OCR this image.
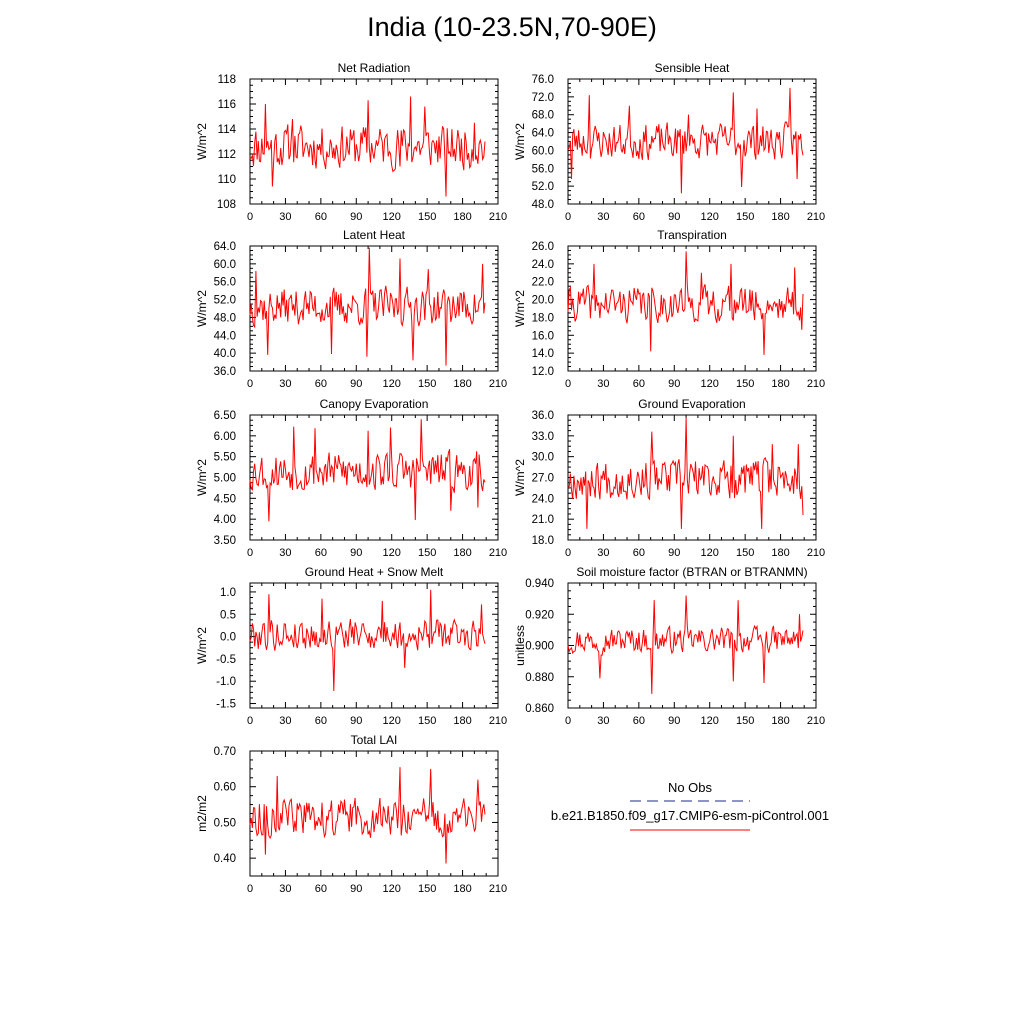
India (10-23.5N,70-90E)
0 30 60 90 120 150 180 210
108
110
112
114
116
118
Net Radiation
W/m^2
0 30 60 90 120 150 180 210
48.0
52.0
56.0
60.0
64.0
68.0
72.0
76.0
Sensible Heat
W/m^2
0 30 60 90 120 150 180 210
36.0
40.0
44.0
48.0
52.0
56.0
60.0
64.0
Latent Heat
W/m^2
0 30 60 90 120 150 180 210
12.0
14.0
16.0
18.0
20.0
22.0
24.0
26.0
Transpiration
W/m^2
0 30 60 90 120 150 180 210
3.50
4.00
4.50
5.00
5.50
6.00
6.50
Canopy Evaporation
W/m^2
0 30 60 90 120 150 180 210
18.0
21.0
24.0
27.0
30.0
33.0
36.0
Ground Evaporation
W/m^2
0 30 60 90 120 150 180 210
-1.5
-1.0
-0.5
0.0
0.5
1.0
Ground Heat + Snow Melt
W/m^2
0 30 60 90 120 150 180 210
0.860
0.880
0.900
0.920
0.940
Soil moisture factor (BTRAN or BTRANMN)
unitless
0 30 60 90 120 150 180 210
0.40
0.50
0.60
0.70
Total LAI
m2/m2
No Obs
b.e21.B1850.f09_g17.CMIP6-esm-piControl.001
